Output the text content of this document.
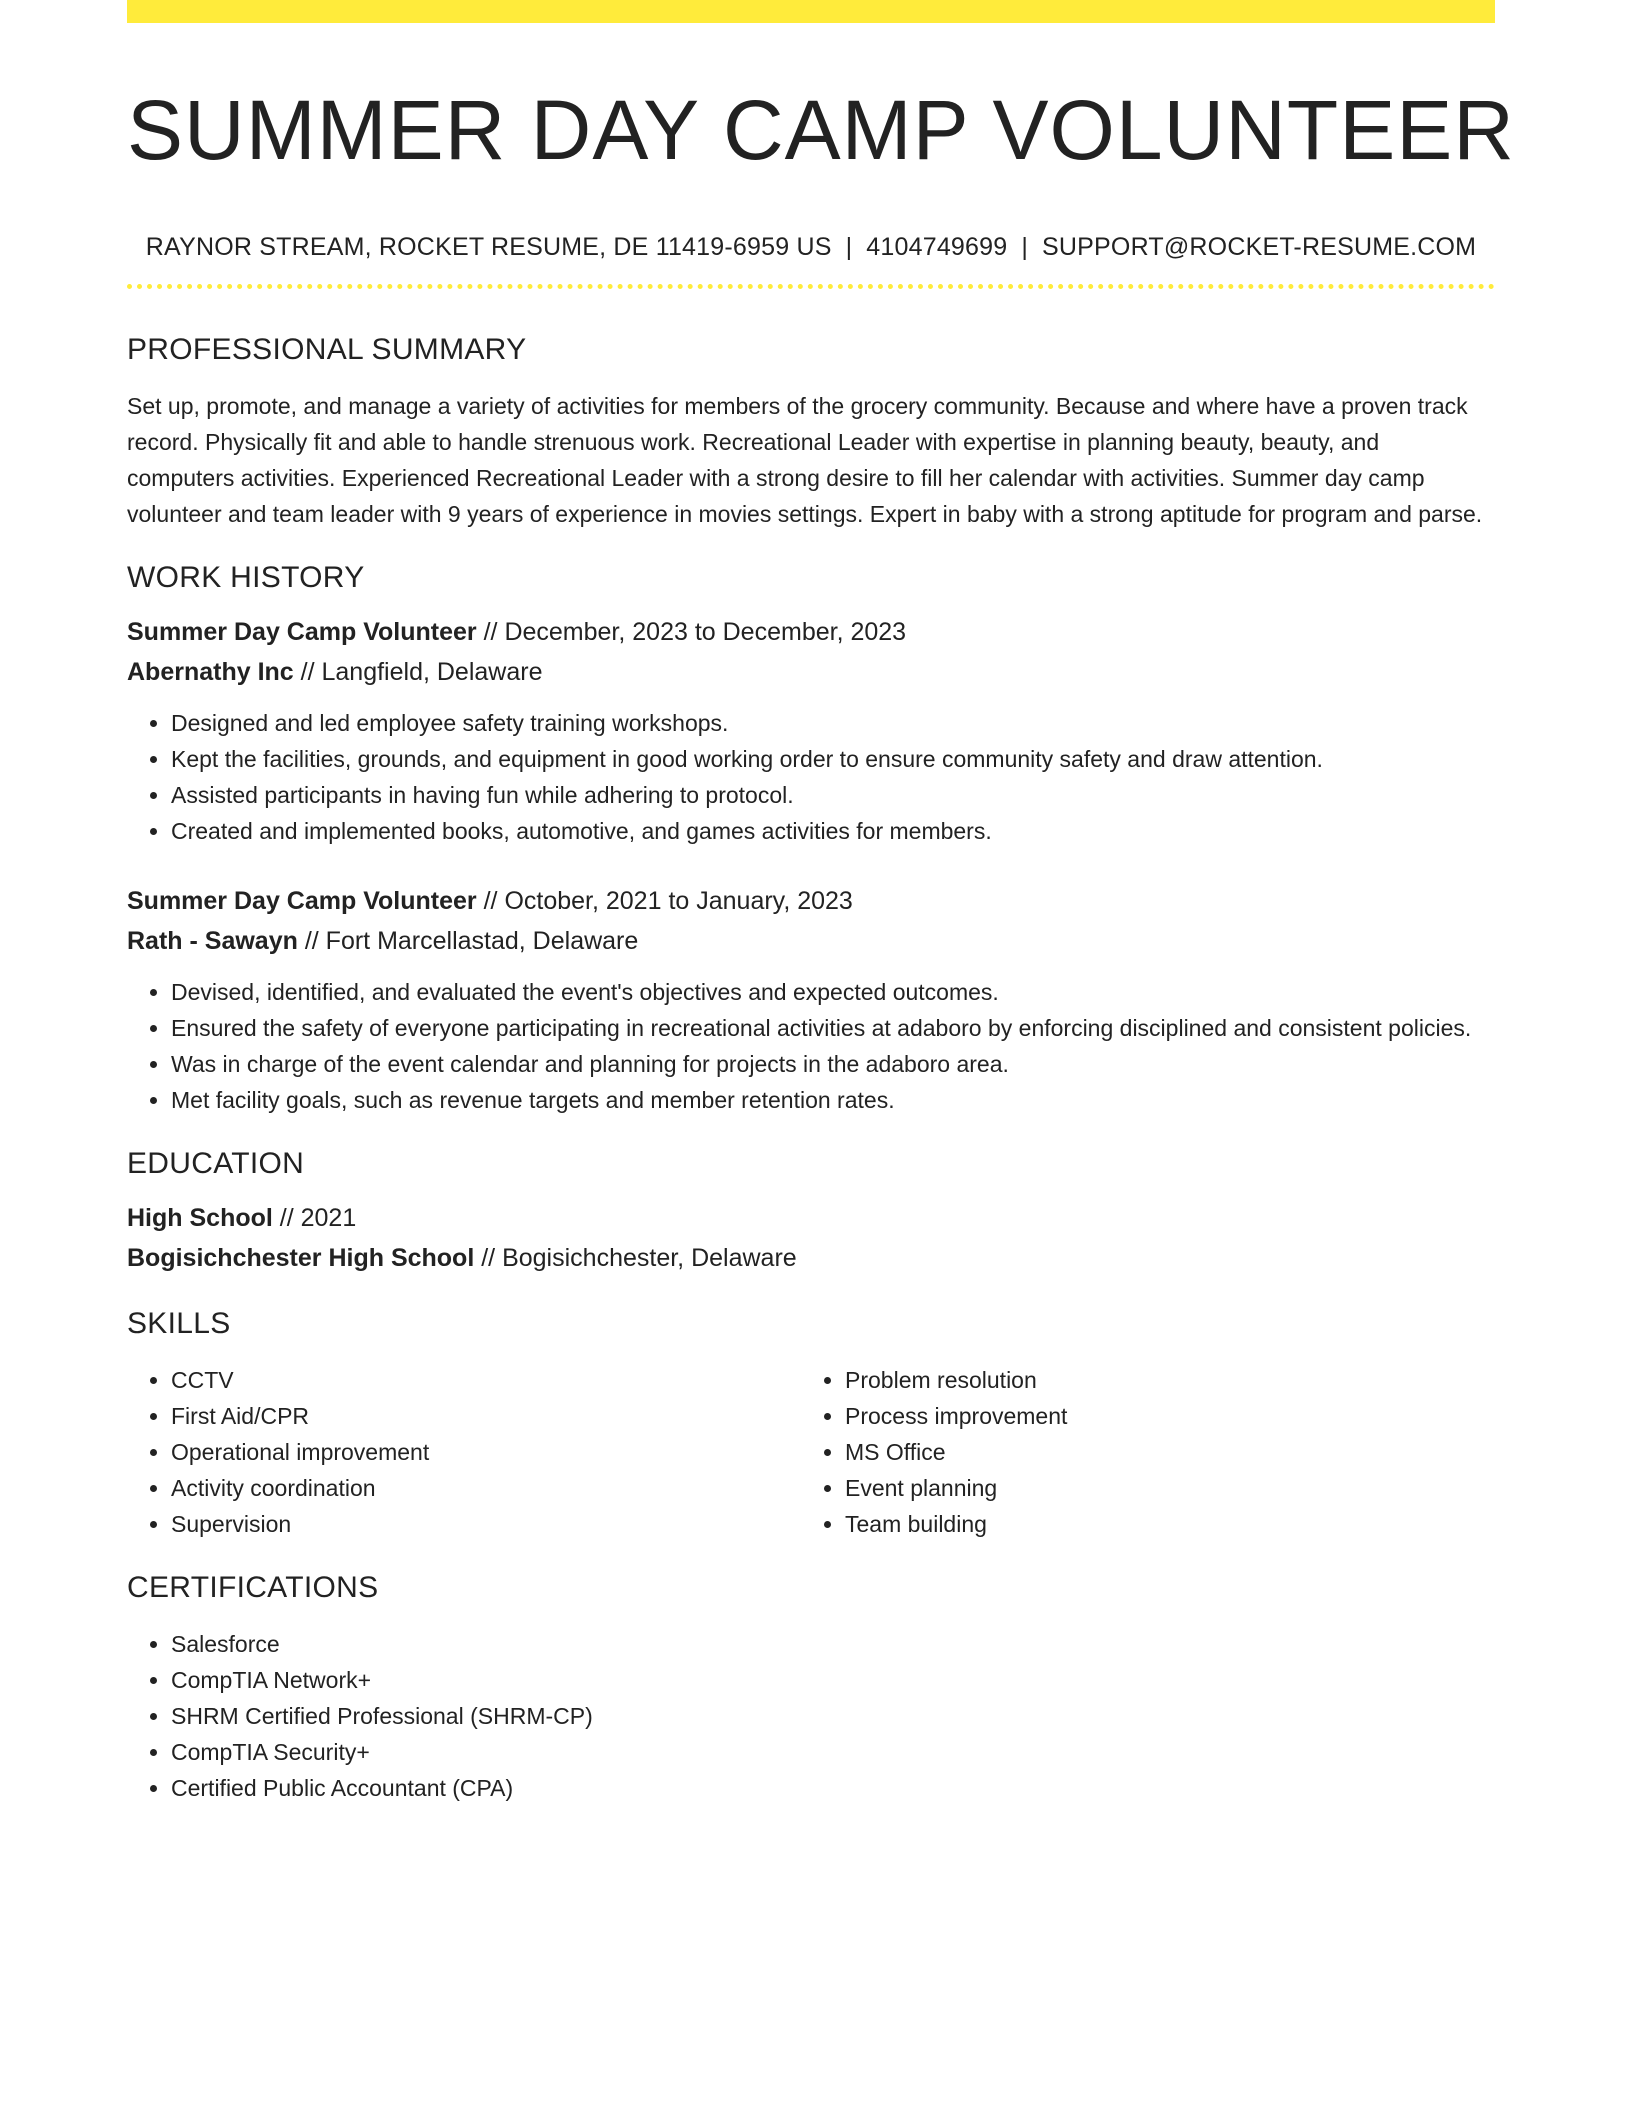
SUMMER DAY CAMP VOLUNTEER
RAYNOR STREAM, ROCKET RESUME, DE 11419-6959 US | 4104749699 | SUPPORT@ROCKET-RESUME.COM
PROFESSIONAL SUMMARY

Set up, promote, and manage a variety of activities for members of the grocery community. Because and where have a proven track record. Physically fit and able to handle strenuous work. Recreational Leader with expertise in planning beauty, beauty, and computers activities. Experienced Recreational Leader with a strong desire to fill her calendar with activities. Summer day camp volunteer and team leader with 9 years of experience in movies settings. Expert in baby with a strong aptitude for program and parse.

WORK HISTORY
Summer Day Camp Volunteer // December, 2023 to December, 2023
Abernathy Inc // Langfield, Delaware
• Designed and led employee safety training workshops.
• Kept the facilities, grounds, and equipment in good working order to ensure community safety and draw attention.
• Assisted participants in having fun while adhering to protocol.
• Created and implemented books, automotive, and games activities for members.
Summer Day Camp Volunteer // October, 2021 to January, 2023
Rath - Sawayn // Fort Marcellastad, Delaware
• Devised, identified, and evaluated the event's objectives and expected outcomes.
• Ensured the safety of everyone participating in recreational activities at adaboro by enforcing disciplined and consistent policies.
• Was in charge of the event calendar and planning for projects in the adaboro area.
• Met facility goals, such as revenue targets and member retention rates.
EDUCATION
High School // 2021
Bogisichchester High School // Bogisichchester, Delaware
SKILLS
• CCTV
• First Aid/CPR
• Operational improvement
• Activity coordination
• Supervision
• Problem resolution
• Process improvement
• MS Office
• Event planning
• Team building
CERTIFICATIONS
• Salesforce
• CompTIA Network+
• SHRM Certified Professional (SHRM-CP)
• CompTIA Security+
• Certified Public Accountant (CPA)
